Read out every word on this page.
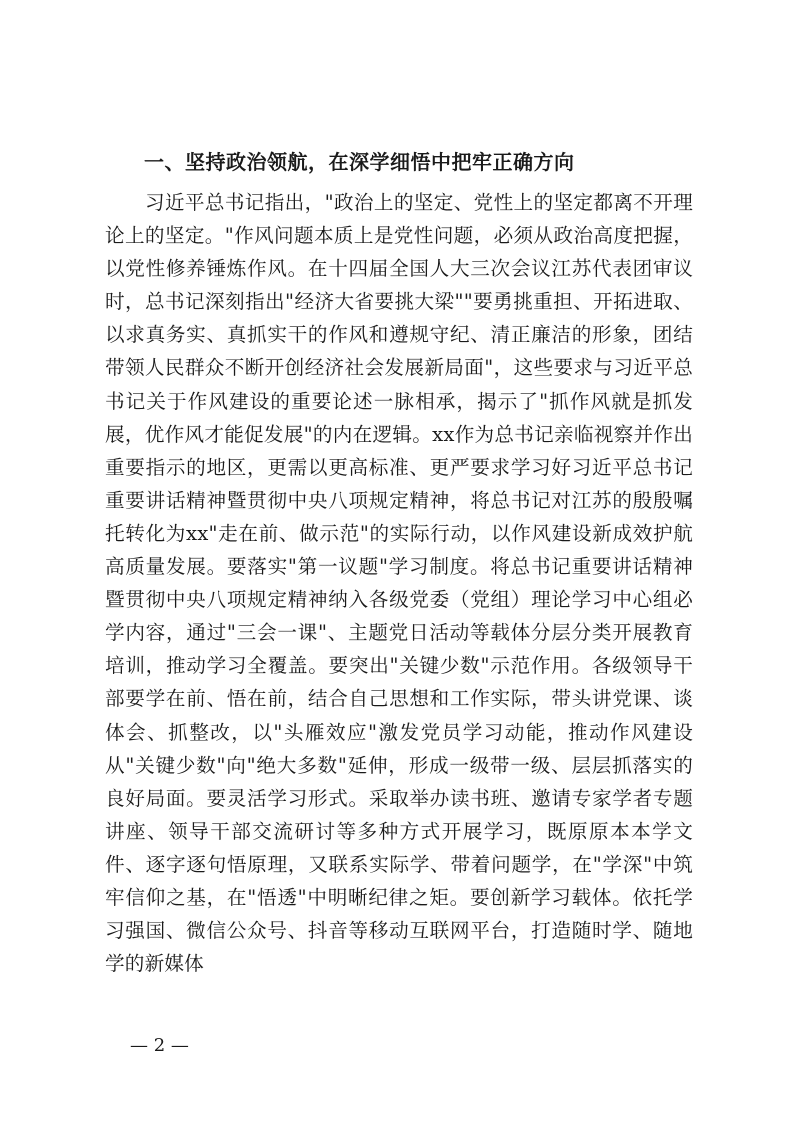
一、坚持政治领航，在深学细悟中把牢正确方向

习近平总书记指出，"政治上的坚定、党性上的坚定都离不开理论上的坚定。"作风问题本质上是党性问题，必须从政治高度把握，以党性修养锤炼作风。在十四届全国人大三次会议江苏代表团审议时，总书记深刻指出"经济大省要挑大梁""要勇挑重担、开拓进取、以求真务实、真抓实干的作风和遵规守纪、清正廉洁的形象，团结带领人民群众不断开创经济社会发展新局面"，这些要求与习近平总书记关于作风建设的重要论述一脉相承，揭示了"抓作风就是抓发展，优作风才能促发展"的内在逻辑。xx作为总书记亲临视察并作出重要指示的地区，更需以更高标准、更严要求学习好习近平总书记重要讲话精神暨贯彻中央八项规定精神，将总书记对江苏的殷殷嘱托转化为xx"走在前、做示范"的实际行动，以作风建设新成效护航高质量发展。要落实"第一议题"学习制度。将总书记重要讲话精神暨贯彻中央八项规定精神纳入各级党委（党组）理论学习中心组必学内容，通过"三会一课"、主题党日活动等载体分层分类开展教育培训，推动学习全覆盖。要突出"关键少数"示范作用。各级领导干部要学在前、悟在前，结合自己思想和工作实际，带头讲党课、谈体会、抓整改，以"头雁效应"激发党员学习动能，推动作风建设从"关键少数"向"绝大多数"延伸，形成一级带一级、层层抓落实的良好局面。要灵活学习形式。采取举办读书班、邀请专家学者专题讲座、领导干部交流研讨等多种方式开展学习，既原原本本学文件、逐字逐句悟原理，又联系实际学、带着问题学，在"学深"中筑牢信仰之基，在"悟透"中明晰纪律之矩。要创新学习载体。依托学习强国、微信公众号、抖音等移动互联网平台，打造随时学、随地学的新媒体

— 2 —
